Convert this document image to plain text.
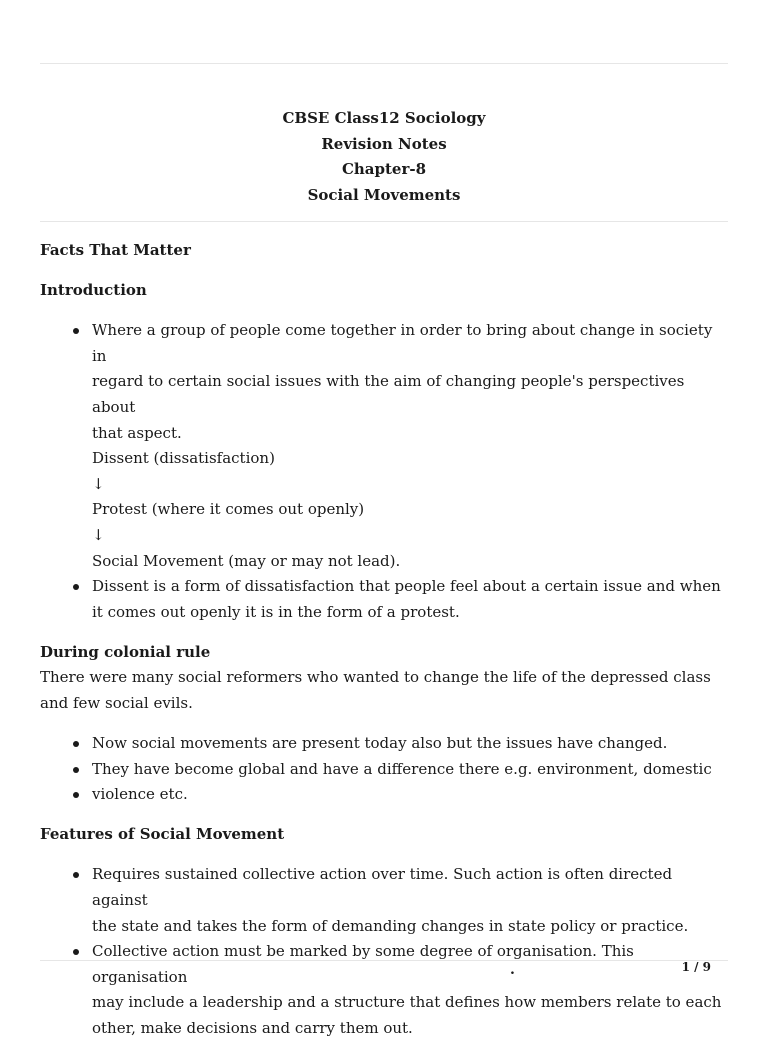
CBSE Class12 Sociology
Revision Notes
Chapter-8
Social Movements

Facts That Matter

Introduction

Where a group of people come together in order to bring about change in society in
regard to certain social issues with the aim of changing people's perspectives about
that aspect.
Dissent (dissatisfaction)
↓
Protest (where it comes out openly)
↓
Social Movement (may or may not lead).
Dissent is a form of dissatisfaction that people feel about a certain issue and when
it comes out openly it is in the form of a protest.

During colonial rule

There were many social reformers who wanted to change the life of the depressed class
and few social evils.

Now social movements are present today also but the issues have changed.
They have become global and have a difference there e.g. environment, domestic
violence etc.

Features of Social Movement

Requires sustained collective action over time. Such action is often directed against
the state and takes the form of demanding changes in state policy or practice.
Collective action must be marked by some degree of organisation. This organisation
may include a leadership and a structure that defines how members relate to each
other, make decisions and carry them out.
.	1 / 9
